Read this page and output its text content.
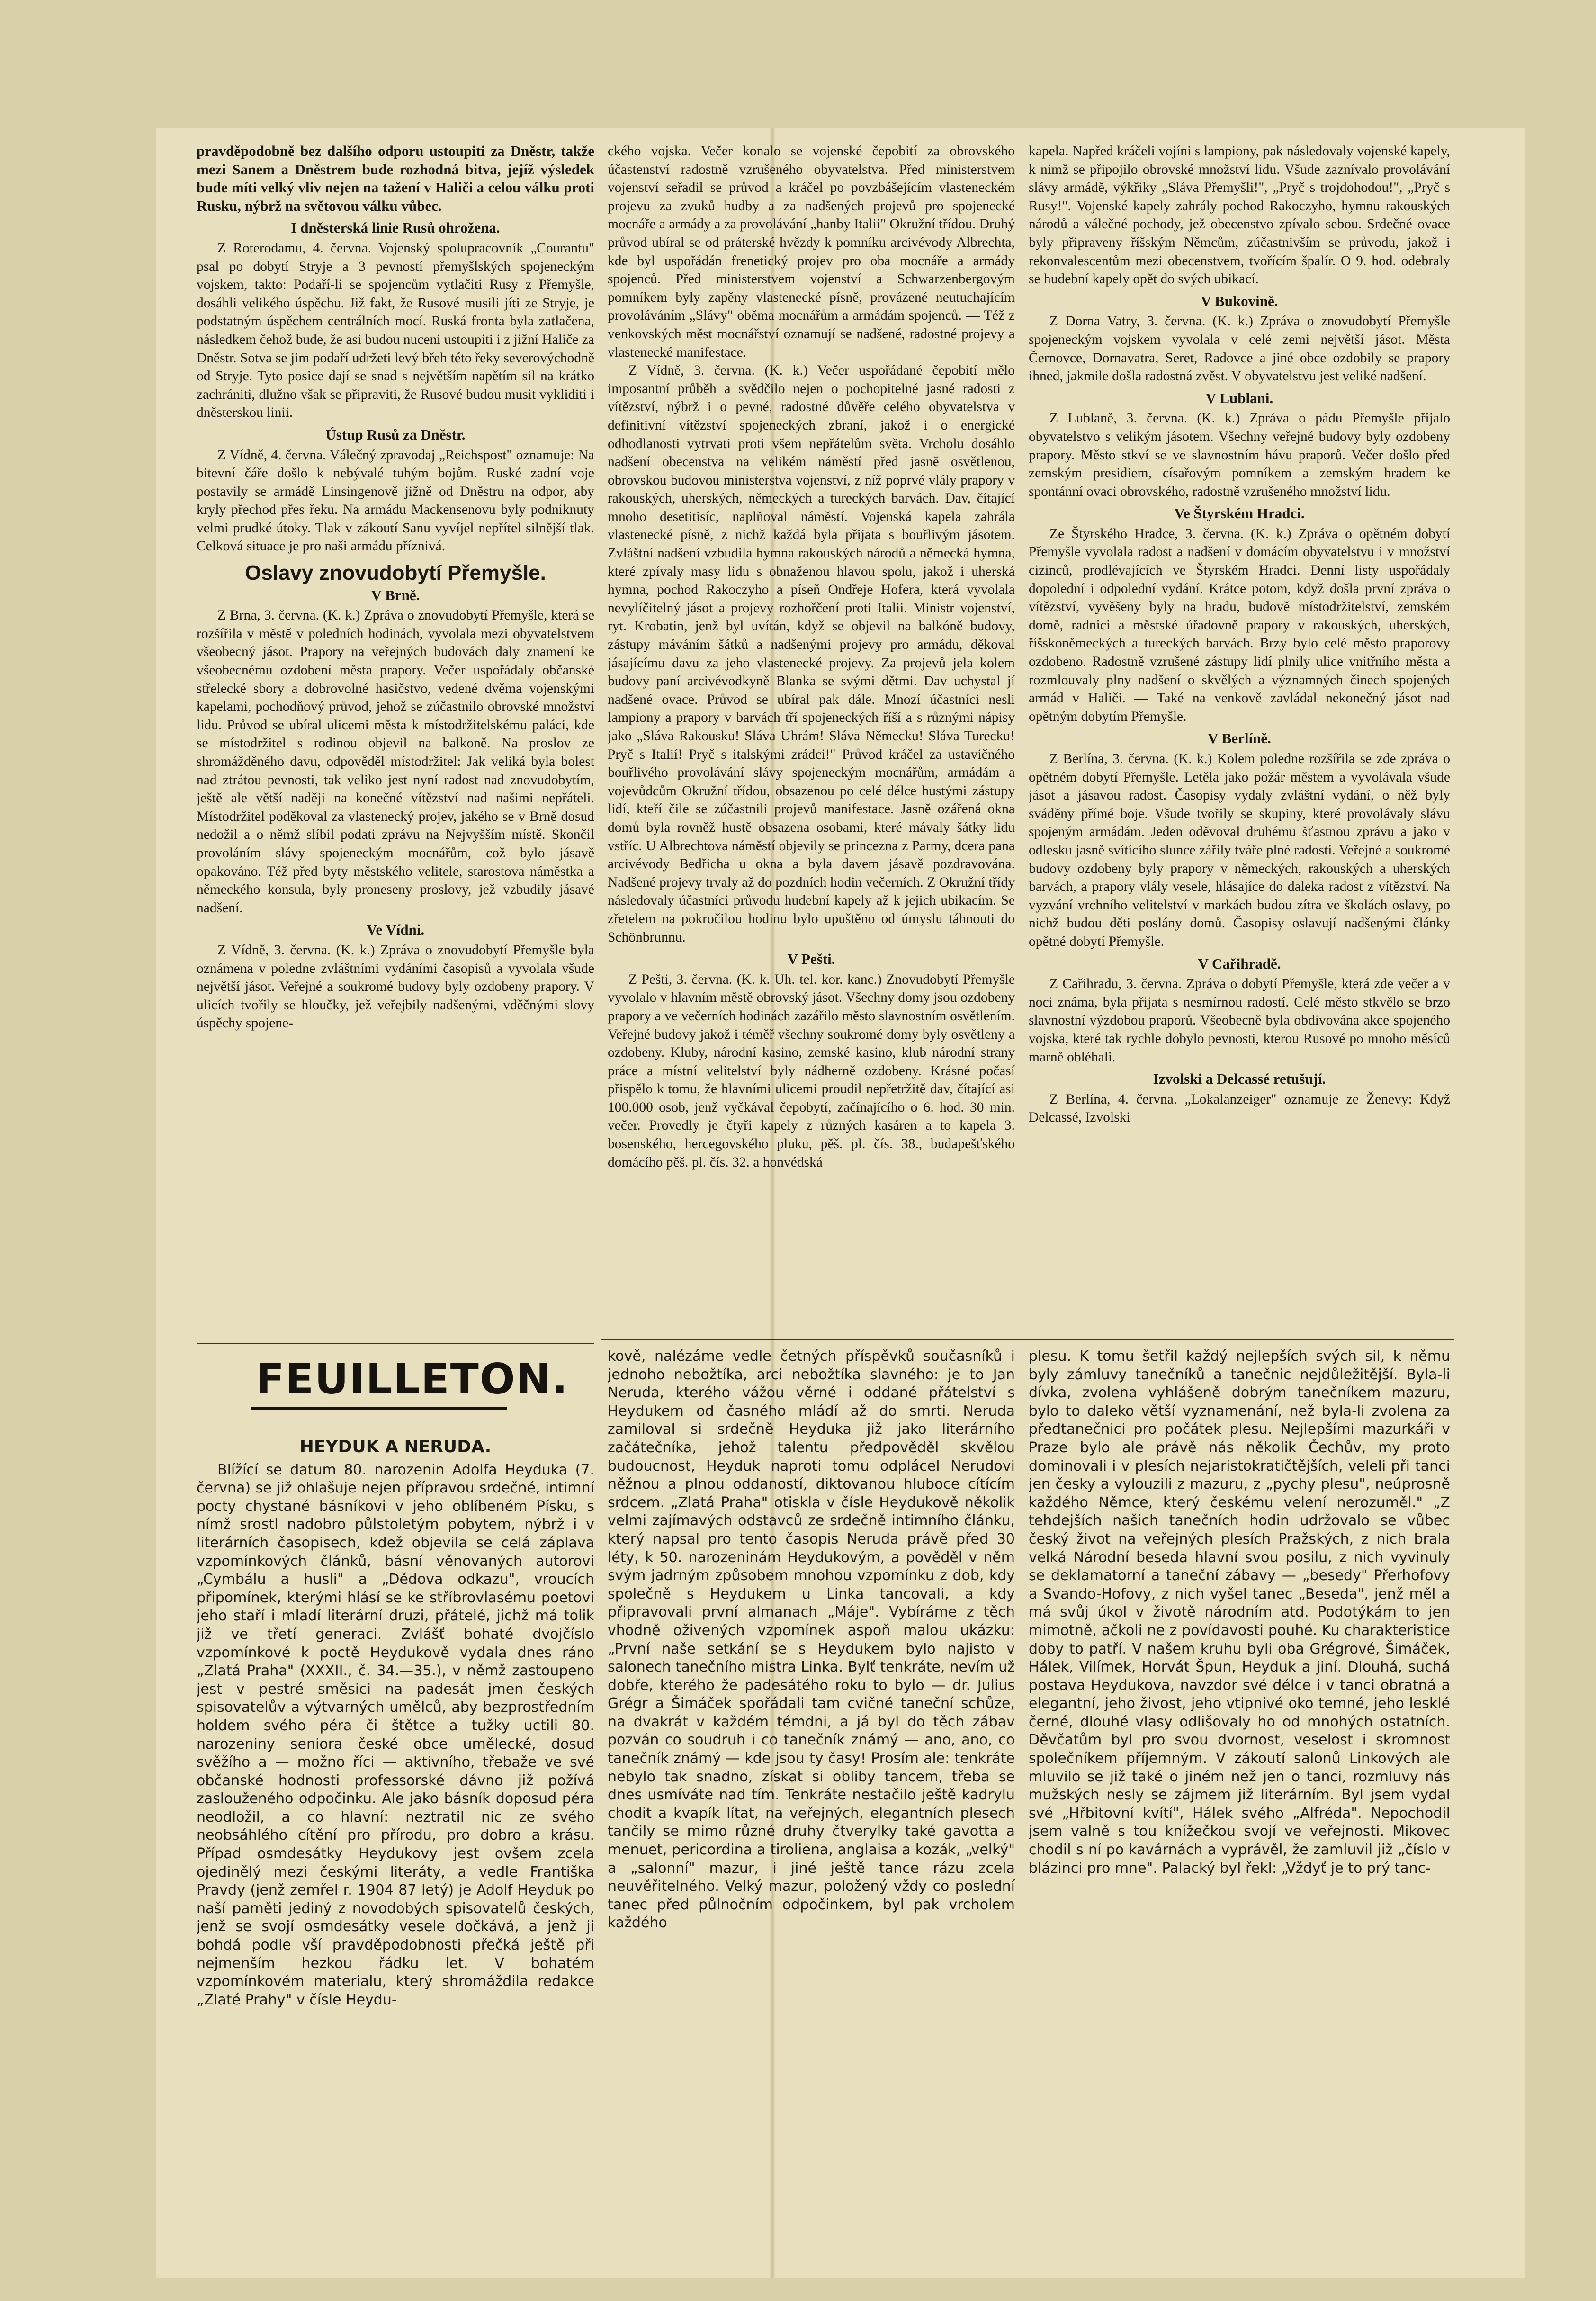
pravděpodobně bez dalšího odporu ustoupiti za Dněstr, takže mezi Sanem a Dněstrem bude rozhodná bitva, jejíž výsledek bude míti velký vliv nejen na tažení v Haliči a celou válku proti Rusku, nýbrž na světovou válku vůbec.

I dněsterská linie Rusů ohrožena.

Z Roterodamu, 4. června. Vojenský spolupracovník „Courantu" psal po dobytí Stryje a 3 pevností přemyšlských spojeneckým vojskem, takto: Podaří-li se spojencům vytlačiti Rusy z Přemyšle, dosáhli velikého úspěchu. Již fakt, že Rusové musili jíti ze Stryje, je podstatným úspěchem centrálních mocí. Ruská fronta byla zatlačena, následkem čehož bude, že asi budou nuceni ustoupiti i z jižní Haliče za Dněstr. Sotva se jim podaří udržeti levý břeh této řeky severovýchodně od Stryje. Tyto posice dají se snad s největším napětím sil na krátko zachrániti, dlužno však se připraviti, že Rusové budou musit vykliditi i dněsterskou linii.

Ústup Rusů za Dněstr.

Z Vídně, 4. června. Válečný zpravodaj „Reichspost" oznamuje: Na bitevní čáře došlo k nebývalé tuhým bojům. Ruské zadní voje postavily se armádě Linsingenově jižně od Dněstru na odpor, aby kryly přechod přes řeku. Na armádu Mackensenovu byly podniknuty velmi prudké útoky. Tlak v zákoutí Sanu vyvíjel nepřítel silnější tlak. Celková situace je pro naši armádu příznivá.

Oslavy znovudobytí Přemyšle.
V Brně.

Z Brna, 3. června. (K. k.) Zpráva o znovudobytí Přemyšle, která se rozšířila v městě v poledních hodinách, vyvolala mezi obyvatelstvem všeobecný jásot. Prapory na veřejných budovách daly znamení ke všeobecnému ozdobení města prapory. Večer uspořádaly občanské střelecké sbory a dobrovolné hasičstvo, vedené dvěma vojenskými kapelami, pochodňový průvod, jehož se zúčastnilo obrovské množství lidu. Průvod se ubíral ulicemi města k místodržitelskému paláci, kde se místodržitel s rodinou objevil na balkoně. Na proslov ze shromážděného davu, odpověděl místodržitel: Jak veliká byla bolest nad ztrátou pevnosti, tak veliko jest nyní radost nad znovudobytím, ještě ale větší naději na konečné vítězství nad našimi nepřáteli. Místodržitel poděkoval za vlastenecký projev, jakého se v Brně dosud nedožil a o němž slíbil podati zprávu na Nejvyšším místě. Skončil provoláním slávy spojeneckým mocnářům, což bylo jásavě opakováno. Též před byty městského velitele, starostova náměstka a německého konsula, byly proneseny proslovy, jež vzbudily jásavé nadšení.

Ve Vídni.

Z Vídně, 3. června. (K. k.) Zpráva o znovudobytí Přemyšle byla oznámena v poledne zvláštními vydáními časopisů a vyvolala všude největší jásot. Veřejné a soukromé budovy byly ozdobeny prapory. V ulicích tvořily se hloučky, jež veřejbily nadšenými, vděčnými slovy úspěchy spojene-

ckého vojska. Večer konalo se vojenské čepobití za obrovského účastenství radostně vzrušeného obyvatelstva. Před ministerstvem vojenství seřadil se průvod a kráčel po povzbášejícím vlasteneckém projevu za zvuků hudby a za nadšených projevů pro spojenecké mocnáře a armády a za provolávání „hanby Italii" Okružní třídou. Druhý průvod ubíral se od práterské hvězdy k pomníku arcivévody Albrechta, kde byl uspořádán frenetický projev pro oba mocnáře a armády spojenců. Před ministerstvem vojenství a Schwarzenbergovým pomníkem byly zapěny vlastenecké písně, provázené neutuchajícím provoláváním „Slávy" oběma mocnářům a armádám spojenců. — Též z venkovských měst mocnářství oznamují se nadšené, radostné projevy a vlastenecké manifestace.

Z Vídně, 3. června. (K. k.) Večer uspořádané čepobití mělo imposantní průběh a svědčilo nejen o pochopitelné jasné radosti z vítězství, nýbrž i o pevné, radostné důvěře celého obyvatelstva v definitivní vítězství spojeneckých zbraní, jakož i o energické odhodlanosti vytrvati proti všem nepřátelům světa. Vrcholu dosáhlo nadšení obecenstva na velikém náměstí před jasně osvětlenou, obrovskou budovou ministerstva vojenství, z níž poprvé vlály prapory v rakouských, uherských, německých a tureckých barvách. Dav, čítající mnoho desetitisíc, naplňoval náměstí. Vojenská kapela zahrála vlastenecké písně, z nichž každá byla přijata s bouřlivým jásotem. Zvláštní nadšení vzbudila hymna rakouských národů a německá hymna, které zpívaly masy lidu s obnaženou hlavou spolu, jakož i uherská hymna, pochod Rakoczyho a píseň Ondřeje Hofera, která vyvolala nevylíčitelný jásot a projevy rozhořčení proti Italii. Ministr vojenství, ryt. Krobatin, jenž byl uvítán, když se objevil na balkóně budovy, zástupy máváním šátků a nadšenými projevy pro armádu, děkoval jásajícímu davu za jeho vlastenecké projevy. Za projevů jela kolem budovy paní arcivévodkyně Blanka se svými dětmi. Dav uchystal jí nadšené ovace. Průvod se ubíral pak dále. Mnozí účastníci nesli lampiony a prapory v barvách tří spojeneckých říší a s různými nápisy jako „Sláva Rakousku! Sláva Uhrám! Sláva Německu! Sláva Turecku! Pryč s Italií! Pryč s italskými zrádci!" Průvod kráčel za ustavičného bouřlivého provolávání slávy spojeneckým mocnářům, armádám a vojevůdcům Okružní třídou, obsazenou po celé délce hustými zástupy lidí, kteří čile se zúčastnili projevů manifestace. Jasně ozářená okna domů byla rovněž hustě obsazena osobami, které mávaly šátky lidu vstříc. U Albrechtova náměstí objevily se princezna z Parmy, dcera pana arcivévody Bedřicha u okna a byla davem jásavě pozdravována. Nadšené projevy trvaly až do pozdních hodin večerních. Z Okružní třídy následovaly účastníci průvodu hudební kapely až k jejich ubikacím. Se zřetelem na pokročilou hodinu bylo upuštěno od úmyslu táhnouti do Schönbrunnu.

V Pešti.

Z Pešti, 3. června. (K. k. Uh. tel. kor. kanc.) Znovudobytí Přemyšle vyvolalo v hlavním městě obrovský jásot. Všechny domy jsou ozdobeny prapory a ve večerních hodinách zazářilo město slavnostním osvětlením. Veřejné budovy jakož i téměř všechny soukromé domy byly osvětleny a ozdobeny. Kluby, národní kasino, zemské kasino, klub národní strany práce a místní velitelství byly nádherně ozdobeny. Krásné počasí přispělo k tomu, že hlavními ulicemi proudil nepřetržitě dav, čítající asi 100.000 osob, jenž vyčkával čepobytí, začínajícího o 6. hod. 30 min. večer. Provedly je čtyři kapely z různých kasáren a to kapela 3. bosenského, hercegovského pluku, pěš. pl. čís. 38., budapešťského domácího pěš. pl. čís. 32. a honvédská

kapela. Napřed kráčeli vojíni s lampiony, pak následovaly vojenské kapely, k nimž se připojilo obrovské množství lidu. Všude zaznívalo provolávání slávy armádě, výkřiky „Sláva Přemyšli!", „Pryč s trojdohodou!", „Pryč s Rusy!". Vojenské kapely zahrály pochod Rakoczyho, hymnu rakouských národů a válečné pochody, jež obecenstvo zpívalo sebou. Srdečné ovace byly připraveny říšským Němcům, zúčastnivším se průvodu, jakož i rekonvalescentům mezi obecenstvem, tvořícím špalír. O 9. hod. odebraly se hudební kapely opět do svých ubikací.

V Bukovině.

Z Dorna Vatry, 3. června. (K. k.) Zpráva o znovudobytí Přemyšle spojeneckým vojskem vyvolala v celé zemi největší jásot. Města Černovce, Dornavatra, Seret, Radovce a jiné obce ozdobily se prapory ihned, jakmile došla radostná zvěst. V obyvatelstvu jest veliké nadšení.

V Lublani.

Z Lublaně, 3. června. (K. k.) Zpráva o pádu Přemyšle přijalo obyvatelstvo s velikým jásotem. Všechny veřejné budovy byly ozdobeny prapory. Město stkví se ve slavnostním hávu praporů. Večer došlo před zemským presidiem, císařovým pomníkem a zemským hradem ke spontánní ovaci obrovského, radostně vzrušeného množství lidu.

Ve Štyrském Hradci.

Ze Štyrského Hradce, 3. června. (K. k.) Zpráva o opětném dobytí Přemyšle vyvolala radost a nadšení v domácím obyvatelstvu i v množství cizinců, prodlévajících ve Štyrském Hradci. Denní listy uspořádaly dopolední i odpolední vydání. Krátce potom, když došla první zpráva o vítězství, vyvěšeny byly na hradu, budově místodržitelství, zemském domě, radnici a městské úřadovně prapory v rakouských, uherských, říšskoněmeckých a tureckých barvách. Brzy bylo celé město praporovy ozdobeno. Radostně vzrušené zástupy lidí plnily ulice vnitřního města a rozmlouvaly plny nadšení o skvělých a významných činech spojených armád v Haliči. — Také na venkově zavládal nekonečný jásot nad opětným dobytím Přemyšle.

V Berlíně.

Z Berlína, 3. června. (K. k.) Kolem poledne rozšířila se zde zpráva o opětném dobytí Přemyšle. Letěla jako požár městem a vyvolávala všude jásot a jásavou radost. Časopisy vydaly zvláštní vydání, o něž byly sváděny přímé boje. Všude tvořily se skupiny, které provolávaly slávu spojeným armádám. Jeden oděvoval druhému šťastnou zprávu a jako v odlesku jasně svítícího slunce zářily tváře plné radosti. Veřejné a soukromé budovy ozdobeny byly prapory v německých, rakouských a uherských barvách, a prapory vlály vesele, hlásajíce do daleka radost z vítězství. Na vyzvání vrchního velitelství v markách budou zítra ve školách oslavy, po nichž budou děti poslány domů. Časopisy oslavují nadšenými články opětné dobytí Přemyšle.

V Cařihradě.

Z Cařihradu, 3. června. Zpráva o dobytí Přemyšle, která zde večer a v noci známa, byla přijata s nesmírnou radostí. Celé město stkvělo se brzo slavnostní výzdobou praporů. Všeobecně byla obdivována akce spojeného vojska, které tak rychle dobylo pevnosti, kterou Rusové po mnoho měsíců marně obléhali.

Izvolski a Delcassé retušují.

Z Berlína, 4. června. „Lokalanzeiger" oznamuje ze Ženevy: Když Delcassé, Izvolski

FEUILLETON.
HEYDUK A NERUDA.

Blížící se datum 80. narozenin Adolfa Heyduka (7. června) se již ohlašuje nejen přípravou srdečné, intimní pocty chystané básníkovi v jeho oblíbeném Písku, s nímž srostl nadobro půlstoletým pobytem, nýbrž i v literárních časopisech, kdež objevila se celá záplava vzpomínkových článků, básní věnovaných autorovi „Cymbálu a husli" a „Dědova odkazu", vroucích připomínek, kterými hlásí se ke stříbrovlasému poetovi jeho staří i mladí literární druzi, přátelé, jichž má tolik již ve třetí generaci. Zvlášť bohaté dvojčíslo vzpomínkové k poctě Heydukově vydala dnes ráno „Zlatá Praha" (XXXII., č. 34.—35.), v němž zastoupeno jest v pestré směsici na padesát jmen českých spisovatelův a výtvarných umělců, aby bezprostředním holdem svého péra či štětce a tužky uctili 80. narozeniny seniora české obce umělecké, dosud svěžího a — možno říci — aktivního, třebaže ve své občanské hodnosti professorské dávno již požívá zaslouženého odpočinku. Ale jako básník doposud péra neodložil, a co hlavní: neztratil nic ze svého neobsáhlého cítění pro přírodu, pro dobro a krásu. Případ osmdesátky Heydukovy jest ovšem zcela ojedinělý mezi českými literáty, a vedle Františka Pravdy (jenž zemřel r. 1904 87 letý) je Adolf Heyduk po naší paměti jediný z novodobých spisovatelů českých, jenž se svojí osmdesátky vesele dočkává, a jenž ji bohdá podle vší pravděpodobnosti přečká ještě při nejmenším hezkou řádku let. V bohatém vzpomínkovém materialu, který shromáždila redakce „Zlaté Prahy" v čísle Heydu-

kově, nalézáme vedle četných příspěvků současníků i jednoho nebožtíka, arci nebožtíka slavného: je to Jan Neruda, kterého vážou věrné i oddané přátelství s Heydukem od časného mládí až do smrti. Neruda zamiloval si srdečně Heyduka již jako literárního začátečníka, jehož talentu předpověděl skvělou budoucnost, Heyduk naproti tomu odplácel Nerudovi něžnou a plnou oddaností, diktovanou hlubocе cítícím srdcem. „Zlatá Praha" otiskla v čísle Heydukově několik velmi zajímavých odstavců ze srdečně intimního článku, který napsal pro tento časopis Neruda právě před 30 léty, k 50. narozeninám Heydukovým, a pověděl v něm svým jadrným způsobem mnohou vzpomínku z dob, kdy společně s Heydukem u Linka tancovali, a kdy připravovali první almanach „Máje". Vybíráme z těch vhodně oživených vzpomínek aspoň malou ukázku: „První naše setkání se s Heydukem bylo najisto v salonech tanečního mistra Linka. Bylť tenkráte, nevím už dobře, kterého že padesátého roku to bylo — dr. Julius Grégr a Šimáček spořádali tam cvičné taneční schůze, na dvakrát v každém témdni, a já byl do těch zábav pozván co soudruh i co tanečník známý — ano, ano, co tanečník známý — kde jsou ty časy! Prosím ale: tenkráte nebylo tak snadno, získat si oblibу tancem, třeba se dnes usmíváte nad tím. Tenkráte nestačilo ještě kadrylu chodit a kvapík lítat, na veřejných, elegantních plesech tančily se mimo různé druhy čtverylky také gavotta a menuet, pericordina a tiroliena, anglaisa a kozák, „velký" a „salonní" mazur, i jiné ještě tance rázu zcela neuvěřitelného. Velký mazur, položený vždy co poslední tanec před půlnočním odpočinkem, byl pak vrcholem každého

plesu. K tomu šetřil každý nejlepších svých sil, k němu byly zámluvy tanečníků a tanečnic nejdůležitější. Byla-li dívka, zvolena vyhlášeně dobrým tanečníkem mazuru, bylo to daleko větší vyznamenání, než byla-li zvolena za předtanečnici pro počátek plesu. Nejlepšími mazurkáři v Praze bylo ale právě nás několik Čechův, my proto dominovali i v plesích nejaristokratičtějších, veleli při tanci jen česky a vylouzili z mazuru, z „pychy plesu", neúprosně každého Němce, který českému velení nerozuměl." „Z tehdejších našich tanečních hodin udržovalo se vůbec český život na veřejných plesích Pražských, z nich brala velká Národní beseda hlavní svou posilu, z nich vyvinuly se deklamatorní a taneční zábavy — „besedy" Přerhofovy a Svando-Hofovy, z nich vyšel tanec „Beseda", jenž měl a má svůj úkol v životě národním atd. Podotýkám to jen mimotně, ačkoli ne z povídavosti pouhé. Ku charakteristice doby to patří. V našem kruhu byli oba Grégrové, Šimáček, Hálek, Vilímek, Horvát Špun, Heyduk a jiní. Dlouhá, suchá postava Heydukova, navzdor své délce i v tanci obratná a elegantní, jeho živost, jeho vtipnivé oko temné, jeho lesklé černé, dlouhé vlasy odlišovaly ho od mnohých ostatních. Děvčatům byl pro svou dvornost, veselost i skromnost společníkem příjemným. V zákoutí salonů Linkových ale mluvilo se již také o jiném než jen o tanci, rozmluvy nás mužských nesly se zájmem již literárním. Byl jsem vydal své „Hřbitovní kvítí", Hálek svého „Alfréda". Nepochodil jsem valně s tou knížečkou svojí ve veřejnosti. Mikovec chodil s ní po kavárnách a vyprávěl, že zamluvil již „číslo v blázinci pro mne". Palacký byl řekl: „Vždyť je to prý tanc-
